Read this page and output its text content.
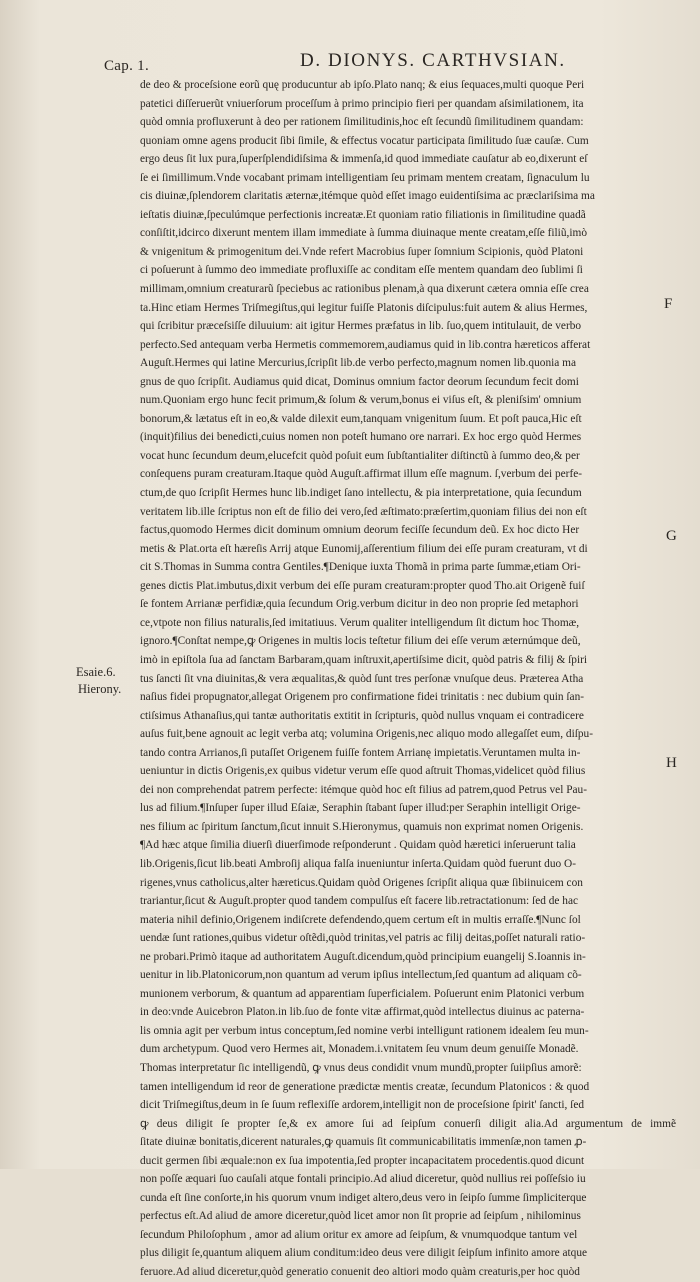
Cap. 1.	D. DIONYS. CARTHVSIAN.
F
G
H
Esaie.6.
Hierony.
de deo & proceſsione eorũ quę producuntur ab ipſo.Plato nanq; & eius ſequaces,multi quoque Peri
patetici diſſeruerũt vniuerſorum proceſſum à primo principio fieri per quandam aſsimilationem, ita
quòd omnia profluxerunt à deo per rationem ſimilitudinis,hoc eſt ſecundũ ſimilitudinem quandam:
quoniam omne agens producit ſibi ſimile, & effectus vocatur participata ſimilitudo ſuæ cauſæ. Cum
ergo deus ſit lux pura,ſuperſplendidiſsima & immenſa,id quod immediate cauſatur ab eo,dixerunt eſ
ſe ei ſimillimum.Vnde vocabant primam intelligentiam ſeu primam mentem creatam, ſignaculum lu
cis diuinæ,ſplendorem claritatis æternæ,itémque quòd eſſet imago euidentiſsima ac præclariſsima ma
ieſtatis diuinæ,ſpeculúmque perfectionis increatæ.Et quoniam ratio filiationis in ſimilitudine quadã
conſiſtit,idcirco dixerunt mentem illam immediate à ſumma diuinaque mente creatam,eſſe filiũ,imò
& vnigenitum & primogenitum dei.Vnde refert Macrobius ſuper ſomnium Scipionis, quòd Platoni
ci poſuerunt à ſummo deo immediate profluxiſſe ac conditam eſſe mentem quandam deo ſublimi ſi
millimam,omnium creaturarũ ſpeciebus ac rationibus plenam,à qua dixerunt cætera omnia eſſe crea
ta.Hinc etiam Hermes Triſmegiſtus,qui legitur fuiſſe Platonis diſcipulus:fuit autem & alius Hermes,
qui ſcribitur præceſsiſſe diluuium: ait igitur Hermes præfatus in lib. ſuo,quem intitulauit, de verbo
perfecto.Sed antequam verba Hermetis commemorem,audiamus quid in lib.contra hæreticos afferat
Auguſt.Hermes qui latine Mercurius,ſcripſit lib.de verbo perfecto,magnum nomen lib.quonia ma
gnus de quo ſcripſit. Audiamus quid dicat, Dominus omnium factor deorum ſecundum fecit domi
num.Quoniam ergo hunc fecit primum,& ſolum & verum,bonus ei viſus eſt, & pleniſsim' omnium
bonorum,& lætatus eſt in eo,& valde dilexit eum,tanquam vnigenitum ſuum. Et poſt pauca,Hic eſt
(inquit)filius dei benedicti,cuius nomen non poteſt humano ore narrari. Ex hoc ergo quòd Hermes
vocat hunc ſecundum deum,elucefcit quòd poſuit eum ſubſtantialiter diſtinctũ à ſummo deo,& per
conſequens puram creaturam.Itaque quòd Auguſt.affirmat illum eſſe magnum. ſ,verbum dei perfe-
ctum,de quo ſcripſit Hermes hunc lib.indiget ſano intellectu, & pia interpretatione, quia ſecundum
veritatem lib.ille ſcriptus non eſt de filio dei vero,ſed æſtimato:præſertim,quoniam filius dei non eſt
factus,quomodo Hermes dicit dominum omnium deorum feciſſe ſecundum deũ. Ex hoc dicto Her
metis & Plat.orta eſt hæreſis Arrij atque Eunomij,aſſerentium filium dei eſſe puram creaturam, vt di
cit S.Thomas in Summa contra Gentiles.¶Denique iuxta Thomã in prima parte ſummæ,etiam Ori-
genes dictis Plat.imbutus,dixit verbum dei eſſe puram creaturam:propter quod Tho.ait Origenẽ fuiſ
ſe fontem Arrianæ perfidiæ,quia ſecundum Orig.verbum dicitur in deo non proprie ſed metaphori
ce,vtpote non filius naturalis,ſed imitatiuus. Verum qualiter intelligendum ſit dictum hoc Thomæ,
ignoro.¶Conſtat nempe,ꝙ Origenes in multis locis teſtetur filium dei eſſe verum æternúmque deũ,
imò in epiſtola ſua ad ſanctam Barbaram,quam inſtruxit,apertiſsime dicit, quòd patris & filij & ſpiri
tus ſancti ſit vna diuinitas,& vera æqualitas,& quòd ſunt tres perſonæ vnuſque deus. Præterea Atha
naſius fidei propugnator,allegat Origenem pro confirmatione fidei trinitatis : nec dubium quin ſan-
ctiſsimus Athanaſius,qui tantæ authoritatis extitit in ſcripturis, quòd nullus vnquam ei contradicere
auſus fuit,bene agnouit ac legit verba atq; volumina Origenis,nec aliquo modo allegaſſet eum, diſpu-
tando contra Arrianos,ſi putaſſet Origenem fuiſſe fontem Arrianę impietatis.Veruntamen multa in-
ueniuntur in dictis Origenis,ex quibus videtur verum eſſe quod aſtruit Thomas,videlicet quòd filius
dei non comprehendat patrem perfecte: itémque quòd hoc eſt filius ad patrem,quod Petrus vel Pau-
lus ad filium.¶Inſuper ſuper illud Eſaiæ, Seraphin ſtabant ſuper illud:per Seraphin intelligit Orige-
nes filium ac ſpiritum ſanctum,ſicut innuit S.Hieronymus, quamuis non exprimat nomen Origenis.
¶Ad hæc atque ſimilia diuerſi diuerſimode reſponderunt . Quidam quòd hæretici inſeruerunt talia
lib.Origenis,ſicut lib.beati Ambroſij aliqua falſa inueniuntur inſerta.Quidam quòd fuerunt duo O-
rigenes,vnus catholicus,alter hæreticus.Quidam quòd Origenes ſcripſit aliqua quæ ſibiinuicem con
trariantur,ſicut & Auguſt.propter quod tandem compulſus eſt facere lib.retractationum: ſed de hac
materia nihil definio,Origenem indiſcrete defendendo,quem certum eſt in multis erraſſe.¶Nunc ſol
uendæ ſunt rationes,quibus videtur oſtẽdi,quòd trinitas,vel patris ac filij deitas,poſſet naturali ratio-
ne probari.Primò itaque ad authoritatem Auguſt.dicendum,quòd principium euangelij S.Ioannis in-
uenitur in lib.Platonicorum,non quantum ad verum ipſius intellectum,ſed quantum ad aliquam cõ-
munionem verborum, & quantum ad apparentiam ſuperficialem. Poſuerunt enim Platonici verbum
in deo:vnde Auicebron Platon.in lib.ſuo de fonte vitæ affirmat,quòd intellectus diuinus ac paterna-
lis omnia agit per verbum intus conceptum,ſed nomine verbi intelligunt rationem idealem ſeu mun-
dum archetypum. Quod vero Hermes ait, Monadem.i.vnitatem ſeu vnum deum genuiſſe Monadẽ.
Thomas interpretatur ſic intelligendũ, ꝙ vnus deus condidit vnum mundũ,propter ſuiipſius amorẽ:
tamen intelligendum id reor de generatione prædictæ mentis creatæ, ſecundum Platonicos : & quod
dicit Triſmegiſtus,deum in ſe ſuum reflexiſſe ardorem,intelligit non de proceſsione ſpirit' ſancti, ſed
ꝙ deus diligit ſe propter ſe,& ex amore ſui ad ſeipſum conuerſi diligit alia.Ad argumentum de immẽ
ſitate diuinæ bonitatis,dicerent naturales,ꝙ quamuis ſit communicabilitatis immenſæ,non tamen ꝓ-
ducit germen ſibi æquale:non ex ſua impotentia,ſed propter incapacitatem procedentis.quod dicunt
non poſſe æquari ſuo cauſali atque fontali principio.Ad aliud diceretur, quòd nullius rei poſſeſsio iu
cunda eſt ſine conſorte,in his quorum vnum indiget altero,deus vero in ſeipſo ſumme ſimpliciterque
perfectus eſt.Ad aliud de amore diceretur,quòd licet amor non ſit proprie ad ſeipſum , nihilominus
ſecundum Philoſophum , amor ad alium oritur ex amore ad ſeipſum, & vnumquodque tantum vel
plus diligit ſe,quantum aliquem alium conditum:ideo deus vere diligit ſeipſum infinito amore atque
feruore.Ad aliud diceretur,quòd generatio conuenit deo altiori modo quàm creaturis,per hoc quòd
